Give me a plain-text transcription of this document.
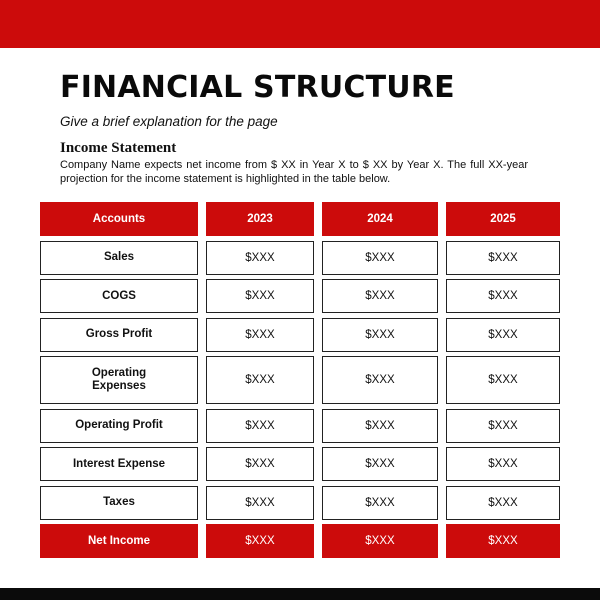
FINANCIAL STRUCTURE
Give a brief explanation for the page
Income Statement
Company Name expects net income from $ XX in Year X to $ XX by Year X. The full XX-year projection for the income statement is highlighted in the table below.
Accounts	2023	2024	2025
Sales	$XXX	$XXX	$XXX
COGS	$XXX	$XXX	$XXX
Gross Profit	$XXX	$XXX	$XXX
Operating Expenses	$XXX	$XXX	$XXX
Operating Profit	$XXX	$XXX	$XXX
Interest Expense	$XXX	$XXX	$XXX
Taxes	$XXX	$XXX	$XXX
Net Income	$XXX	$XXX	$XXX
